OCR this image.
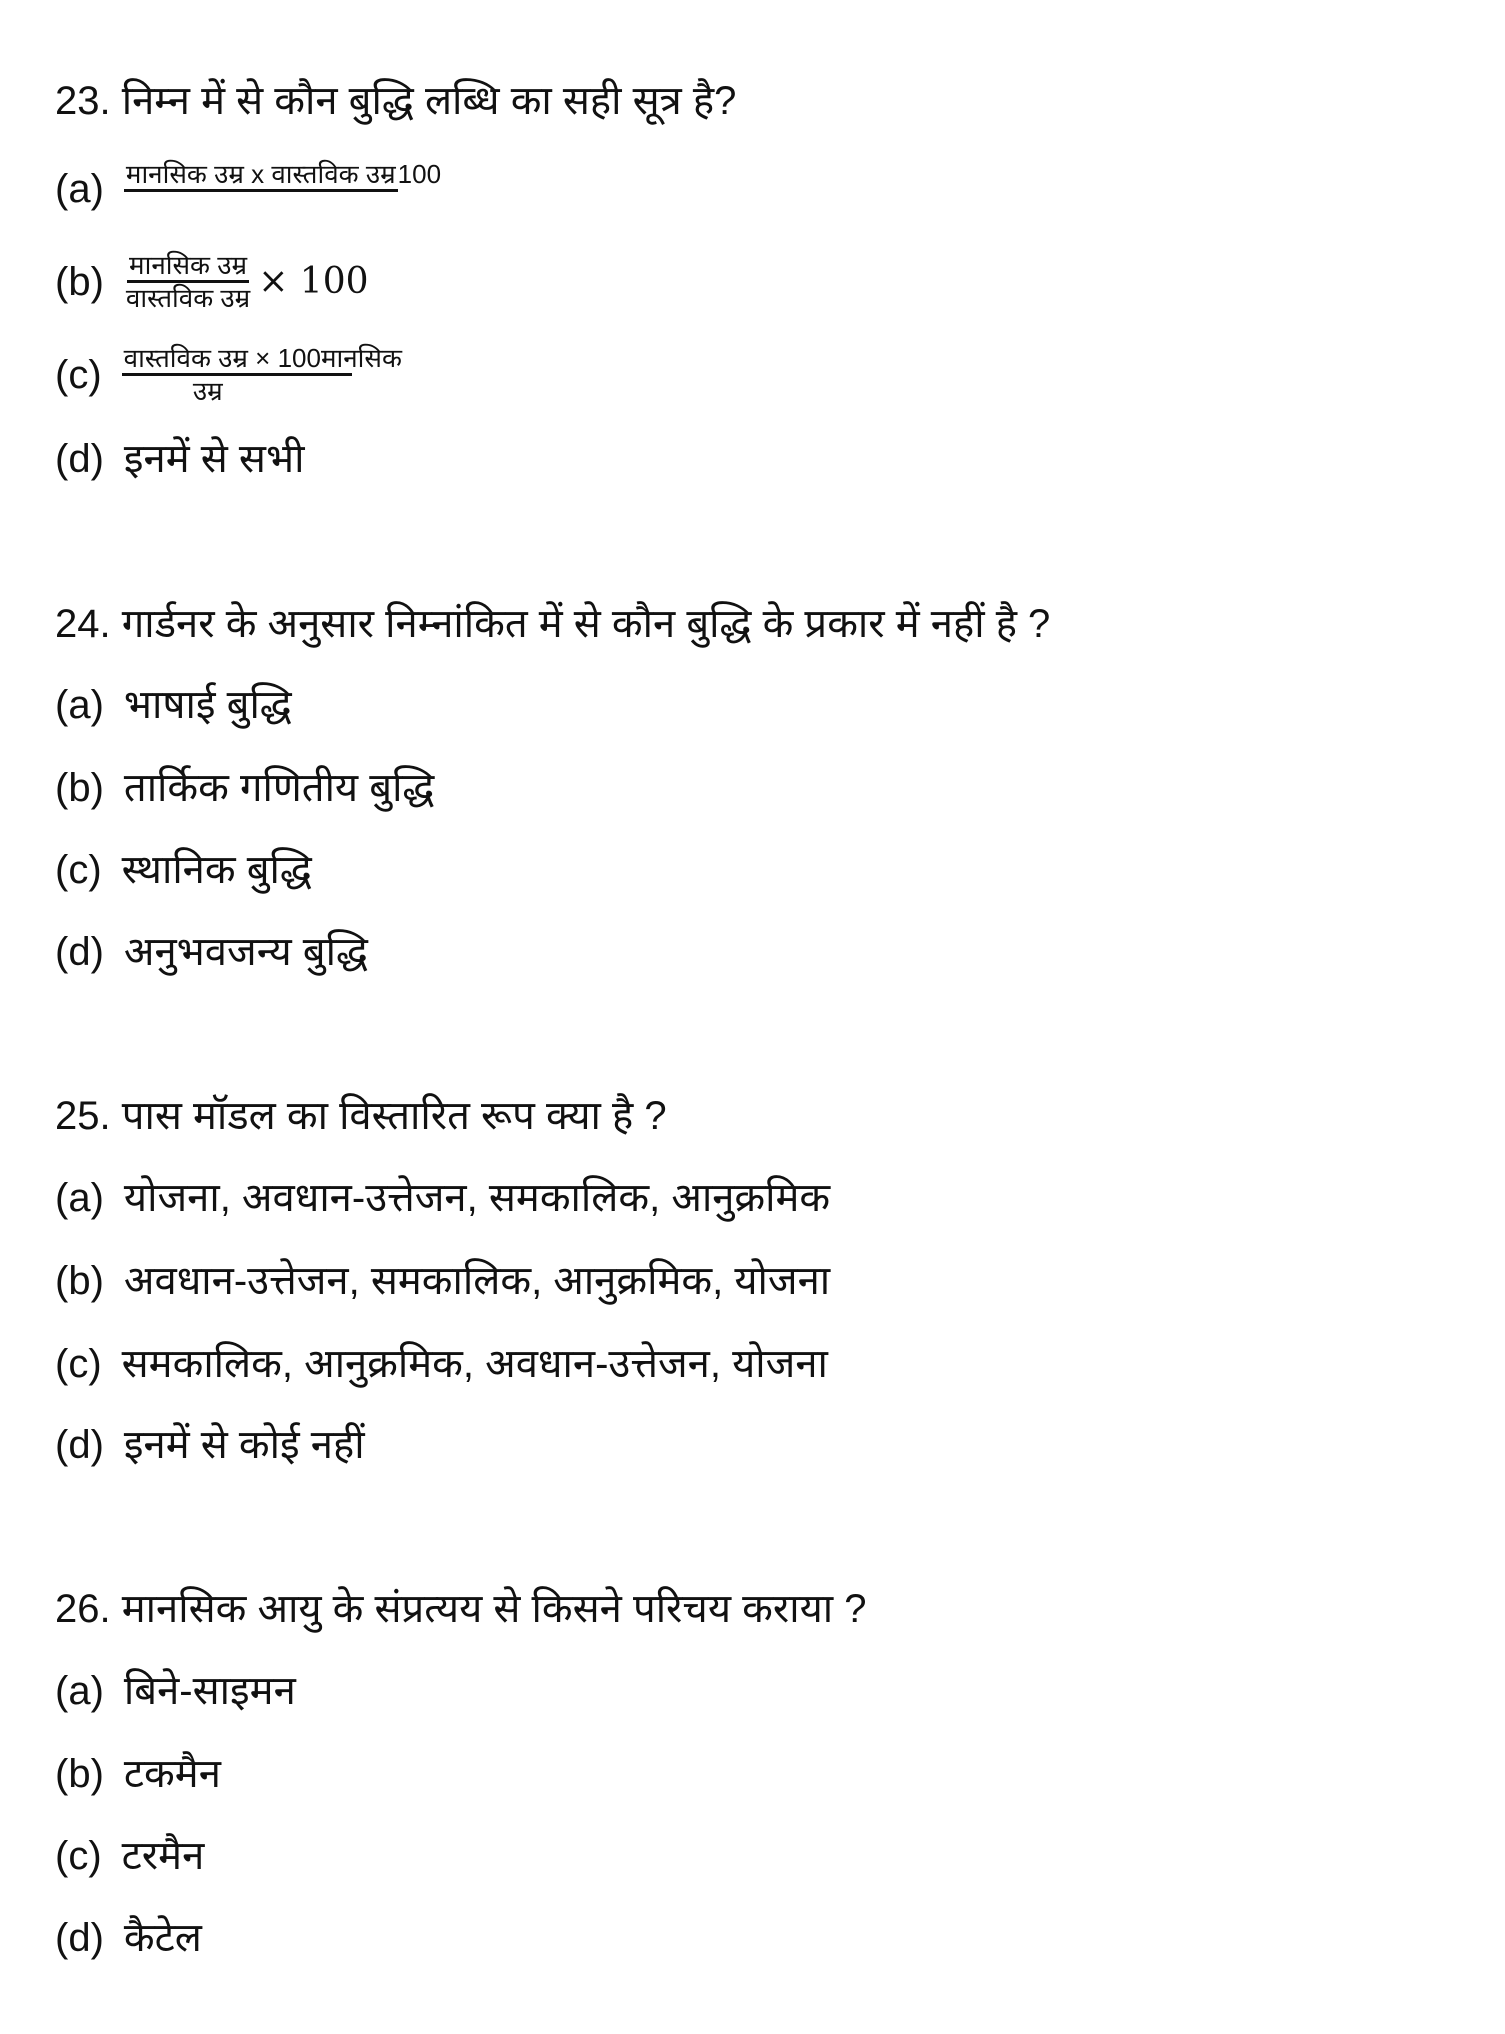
23. निम्न में से कौन बुद्धि लब्धि का सही सूत्र है?
(a) मानसिक उम्र x वास्तविक उम्र 100
$(b) \frac{\text{मानसिक उम्र}}{\text{वास्तविक उम्र}} \times 100$
$(c) \frac{\text{वास्तविक उम्र × 100मानसिक}}{\text{उम्र}}$
(d) इनमें से सभी
24. गार्डनर के अनुसार निम्नांकित में से कौन बुद्धि के प्रकार में नहीं है ?
(a) भाषाई बुद्धि
(b) तार्किक गणितीय बुद्धि
(c) स्थानिक बुद्धि
(d) अनुभवजन्य बुद्धि
25. पास मॉडल का विस्तारित रूप क्या है ?
(a) योजना, अवधान-उत्तेजन, समकालिक, आनुक्रमिक
(b) अवधान-उत्तेजन, समकालिक, आनुक्रमिक, योजना
(c) समकालिक, आनुक्रमिक, अवधान-उत्तेजन, योजना
(d) इनमें से कोई नहीं
26. मानसिक आयु के संप्रत्यय से किसने परिचय कराया ?
(a) बिने-साइमन
(b) टकमैन
(c) टरमैन
(d) कैटेल
